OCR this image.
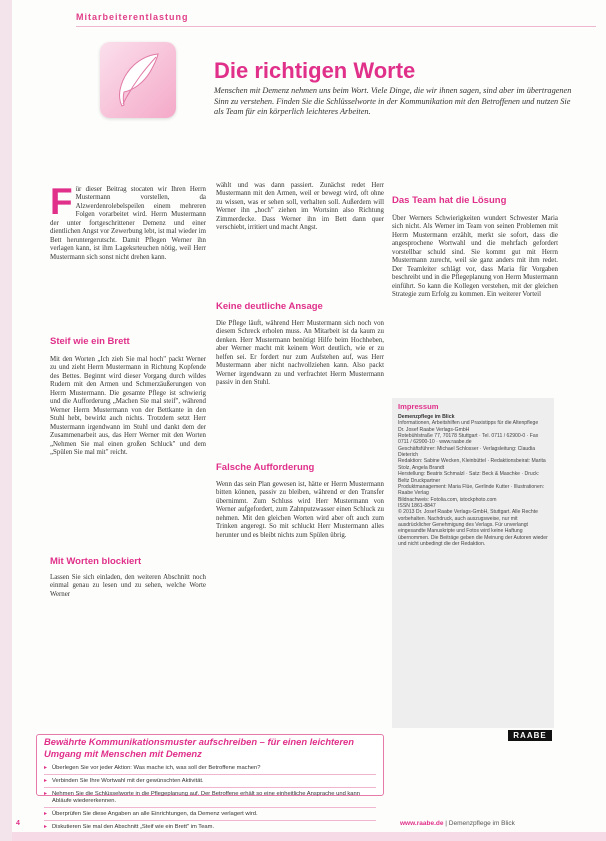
Mitarbeiterentlastung
Die richtigen Worte
Menschen mit Demenz nehmen uns beim Wort. Viele Dinge, die wir ihnen sagen, sind aber im übertragenen Sinn zu verstehen. Finden Sie die Schlüsselworte in der Kommunikation mit den Betroffenen und nutzen Sie als Team für ein körperlich leichteres Arbeiten.
F ür dieser Beitrag stocaten wir Ihren Herrn Mustermann vorstellen, da Alzwerdenrolebelspeilen einem mehreren Folgen vorarbeitet wird. Herrn Mustermann der unter fortgeschrittener Demenz und einer dientlichen Angst vor Zewerbung lebt, ist mal wieder im Bett heruntergerutscht. Damit Pflegen Werner ihn verlagen kann, ist ihm Lageksrteuchen nötig, weil Herr Mustermann sich sonst nicht drehen kann.
Steif wie ein Brett
Mit den Worten „Ich zieh Sie mal hoch" packt Werner zu und zieht Herrn Mustermann in Richtung Kopfende des Bettes. Beginnt wird dieser Vorgang durch wildes Rudern mit den Armen und Schmerzäußerungen von Herrn Mustermann. Die gesamte Pflege ist schwierig und die Aufforderung „Machen Sie mal steif", während Werner Herrn Mustermann von der Bettkante in den Stuhl hebt, bewirkt auch nichts. Trotzdem setzt Herr Mustermann irgendwann im Stuhl und dankt dem der Zusammenarbeit aus, das Herr Werner mit den Worten „Nehmen Sie mal einen großen Schluck" und dem „Spülen Sie mal mit" reicht.
Mit Worten blockiert
Lassen Sie sich einladen, den weiteren Abschnitt noch einmal genau zu lesen und zu sehen, welche Worte Werner
wählt und was dann passiert. Zunächst redet Herr Mustermann mit den Armen, weil er bewegt wird, oft ohne zu wissen, was er sehen soll, verhalten soll. Außerdem will Werner ihn „hoch" ziehen im Wortsinn also Richtung Zimmerdecke. Dass Werner ihn im Bett dann quer verschiebt, irritiert und macht Angst.
Keine deutliche Ansage
Die Pflege läuft, während Herr Mustermann sich noch von diesem Schreck erholen muss. An Mitarbeit ist da kaum zu denken. Herr Mustermann benötigt Hilfe beim Hochheben, aber Werner macht mit keinem Wort deutlich, wie er zu helfen sei. Er fordert nur zum Aufstehen auf, was Herr Mustermann aber nicht nachvollziehen kann. Also packt Werner irgendwann zu und verfrachtet Herrn Mustermann passiv in den Stuhl.
Falsche Aufforderung
Wenn das sein Plan gewesen ist, hätte er Herrn Mustermann bitten können, passiv zu bleiben, während er den Transfer übernimmt. Zum Schluss wird Herr Mustermann von Werner aufgefordert, zum Zahnputzwasser einen Schluck zu nehmen. Mit den gleichen Worten wird aber oft auch zum Trinken angeregt. So mit schluckt Herr Mustermann alles herunter und es bleibt nichts zum Spülen übrig.
Das Team hat die Lösung
Über Werners Schwierigkeiten wundert Schwester Maria sich nicht. Als Werner im Team von seinen Problemen mit Herrn Mustermann erzählt, merkt sie sofort, dass die angesprochene Wortwahl und die mehrfach gefordert vorstellbar schuld sind. Sie kommt gut mit Herrn Mustermann zurecht, weil sie ganz anders mit ihm redet. Der Teamleiter schlägt vor, dass Maria für Vorgaben beschreibt und in die Pflegeplanung von Herrn Mustermann einführt. So kann die Kollegen verstehen, mit der gleichen Strategie zum Erfolg zu kommen. Ein weiterer Vorteil
Impressum
Demenzpflege im Blick
Informationen, Arbeitshilfen und Praxistipps für die Altenpflege
Dr. Josef Raabe Verlags-GmbH
Rotebühlstraße 77, 70178 Stuttgart · Tel. 0711 / 62900-0 · Fax 0711 / 62900-10 · www.raabe.de
Geschäftsführer: Michael Schlosser · Verlagsleitung: Claudia Dieterich
Redaktion: Sabine Wecken, Kleinbüttel · Redaktionsbeirat: Marita Stolz, Angela Brandt
Herstellung: Beatrix Schmalzl · Satz: Beck & Maschke · Druck: Beltz Druckpartner
Produktmanagement: Maria Flüe, Gerlinde Kutter · Illustrationen: Raabe Verlag
Bildnachweis: Fotolia.com, istockphoto.com
ISSN 1861-8847
© 2013 Dr. Josef Raabe Verlags-GmbH, Stuttgart. Alle Rechte vorbehalten. Nachdruck, auch auszugsweise, nur mit ausdrücklicher Genehmigung des Verlags. Für unverlangt eingesandte Manuskripte und Fotos wird keine Haftung übernommen. Die Beiträge geben die Meinung der Autoren wieder und nicht unbedingt die der Redaktion.
RAABE
Bewährte Kommunikationsmuster aufschreiben – für einen leichteren Umgang mit Menschen mit Demenz
▸ Überlegen Sie vor jeder Aktion: Was mache ich, was soll der Betroffene machen?
▸ Verbinden Sie Ihre Wortwahl mit der gewünschten Aktivität.
▸ Nehmen Sie die Schlüsselworte in die Pflegeplanung auf. Der Betroffene erhält so eine einheitliche Ansprache und kann Abläufe wiedererkennen.
▸ Überprüfen Sie diese Angaben an alle Einrichtungen, da Demenz verlagert wird.
▸ Diskutieren Sie mal den Abschnitt „Steif wie ein Brett" im Team.
4	www.raabe.de | Demenzpflege im Blick
